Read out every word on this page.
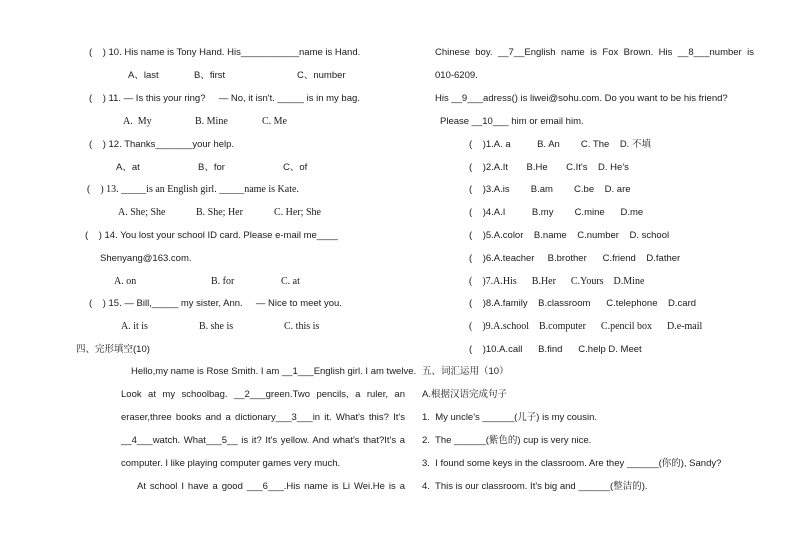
(    ) 10. His name is Tony Hand. His___________name is Hand.
A、last	B、first	C、number
(    ) 11. — Is this your ring?     — No, it isn't. _____ is in my bag.
A.  My	B. Mine	C. Me
(    ) 12. Thanks_______your help.
A、at	B、for	C、of
(    ) 13. _____is an English girl. _____name is Kate.
A. She; She	B. She; Her	C. Her; She
(    ) 14. You lost your school ID card. Please e-mail me____
Shenyang@163.com.
A. on	B. for	C. at
(    ) 15. — Bill,_____ my sister, Ann.     — Nice to meet you.
A. it is	B. she is	C. this is
四、完形填空(10)
Hello,my name is Rose Smith. I am __1___English girl. I am twelve.
Look at my schoolbag. __2___green.Two pencils, a ruler, an
eraser,three books and a dictionary___3___in it. What's this? It's
__4___watch. What___5__ is it? It's yellow. And what's that?It's a
computer. I like playing computer games very much.
At school I have a good ___6___.His name is Li Wei.He is a
Chinese boy. __7__English name is Fox Brown. His __8___number is
010-6209.
His __9___adress() is liwei@sohu.com. Do you want to be his friend?
Please __10___ him or email him.
(    )1.A. a          B. An        C. The    D. 不填
(    )2.A.It       B.He       C.It's    D. He's
(    )3.A.is        B.am        C.be    D. are
(    )4.A.I          B.my        C.mine      D.me
(    )5.A.color    B.name    C.number    D. school
(    )6.A.teacher     B.brother      C.friend    D.father
(    )7.A.His      B.Her      C.Yours    D.Mine
(    )8.A.family    B.classroom      C.telephone    D.card
(    )9.A.school    B.computer      C.pencil box      D.e-mail
(    )10.A.call      B.find      C.help D. Meet
五、词汇运用（10）
A.根据汉语完成句子
1.  My uncle's ______(儿子) is my cousin.
2.  The ______(紫色的) cup is very nice.
3.  I found some keys in the classroom. Are they ______(你的), Sandy?
4.  This is our classroom. It's big and ______(整洁的).
